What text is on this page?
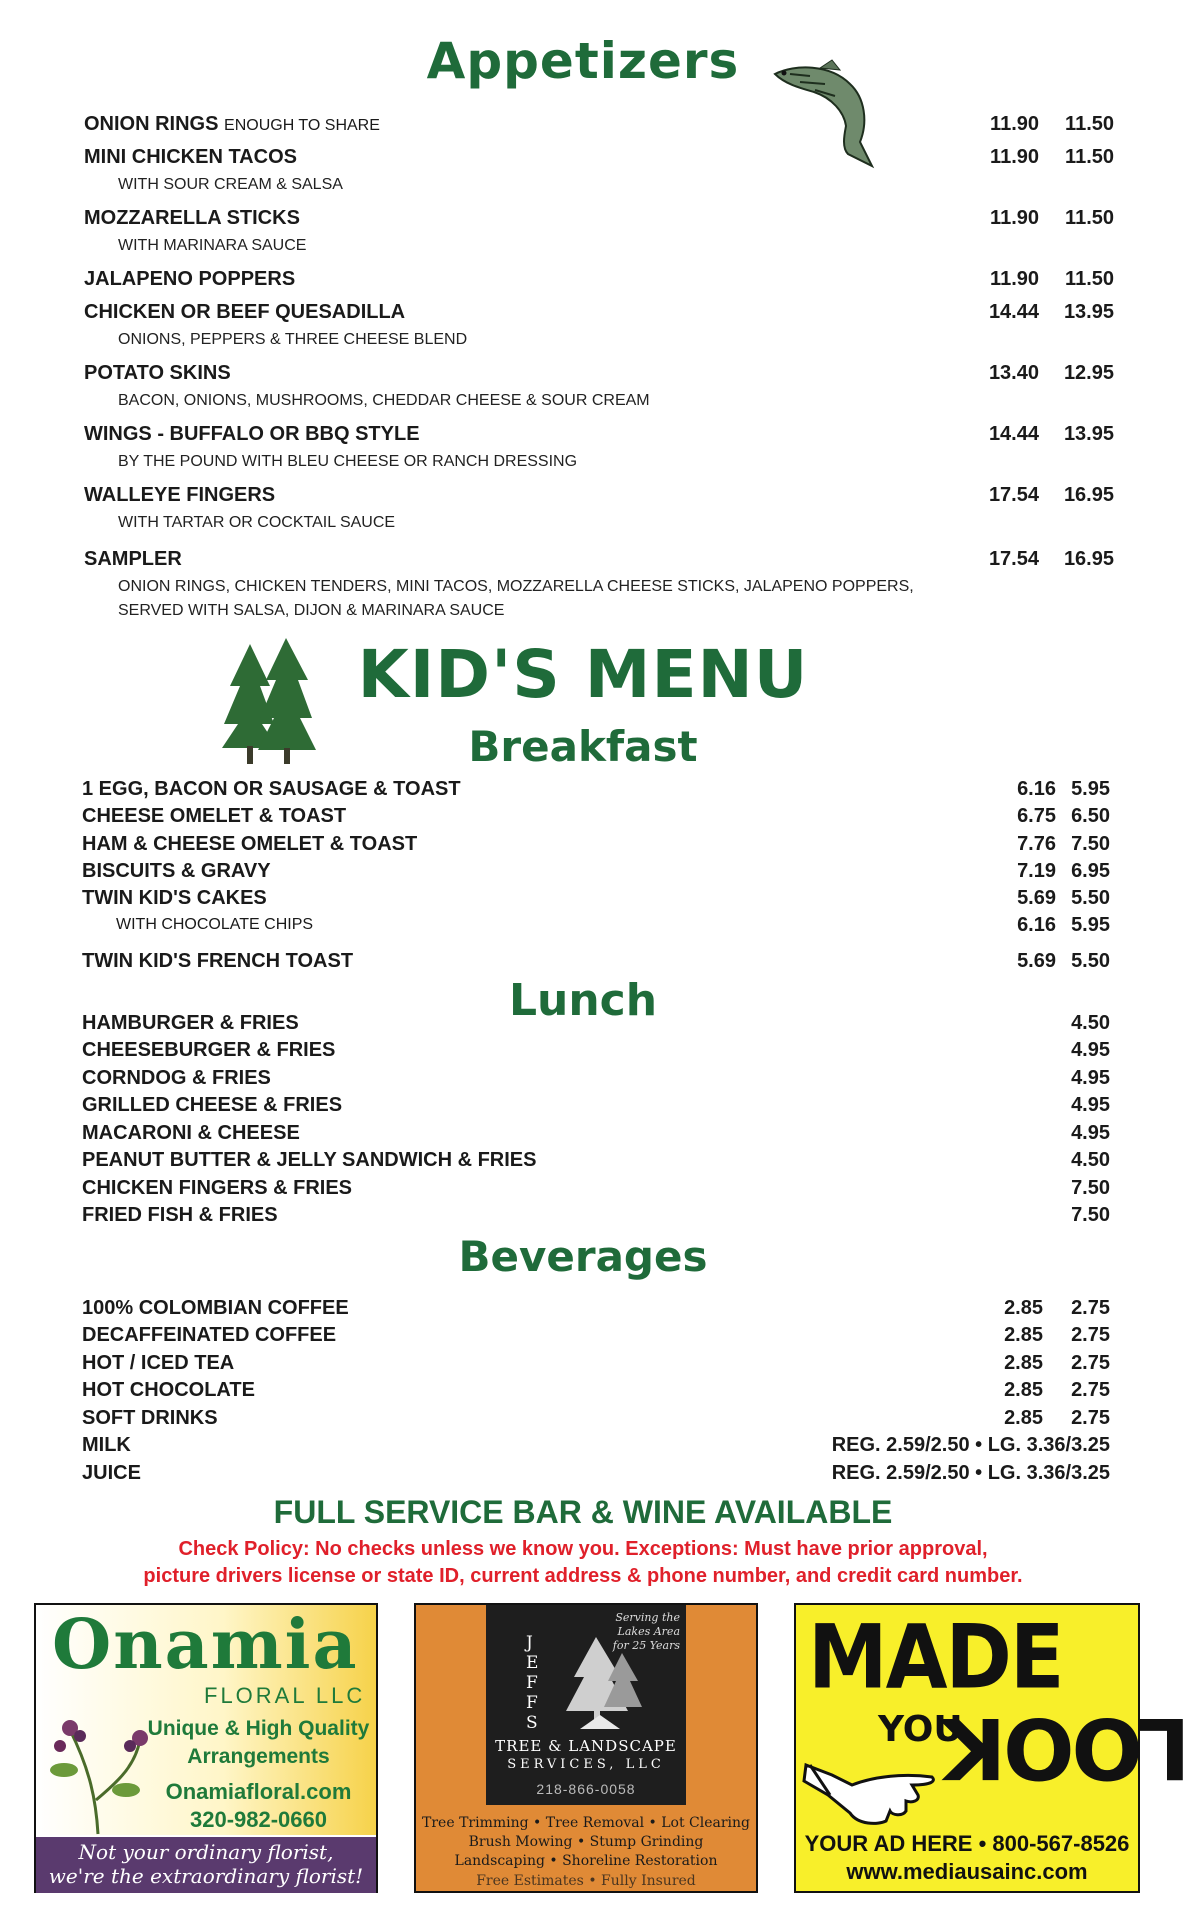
Appetizers
ONION RINGS ENOUGH TO SHARE	11.90	11.50
MINI CHICKEN TACOS	11.90	11.50
WITH SOUR CREAM & SALSA
MOZZARELLA STICKS	11.90	11.50
WITH MARINARA SAUCE
JALAPENO POPPERS	11.90	11.50
CHICKEN OR BEEF QUESADILLA	14.44	13.95
ONIONS, PEPPERS & THREE CHEESE BLEND
POTATO SKINS	13.40	12.95
BACON, ONIONS, MUSHROOMS, CHEDDAR CHEESE & SOUR CREAM
WINGS - BUFFALO OR BBQ STYLE	14.44	13.95
BY THE POUND WITH BLEU CHEESE OR RANCH DRESSING
WALLEYE FINGERS	17.54	16.95
WITH TARTAR OR COCKTAIL SAUCE
SAMPLER	17.54	16.95
ONION RINGS, CHICKEN TENDERS, MINI TACOS, MOZZARELLA CHEESE STICKS, JALAPENO POPPERS,
SERVED WITH SALSA, DIJON & MARINARA SAUCE
KID'S MENU
Breakfast
1 EGG, BACON OR SAUSAGE & TOAST	6.16 5.95
CHEESE OMELET & TOAST	6.75 6.50
HAM & CHEESE OMELET & TOAST	7.76 7.50
BISCUITS & GRAVY	7.19 6.95
TWIN KID'S CAKES	5.69 5.50
WITH CHOCOLATE CHIPS	6.16 5.95
TWIN KID'S FRENCH TOAST	5.69 5.50
Lunch
HAMBURGER & FRIES	4.50
CHEESEBURGER & FRIES	4.95
CORNDOG & FRIES	4.95
GRILLED CHEESE & FRIES	4.95
MACARONI & CHEESE	4.95
PEANUT BUTTER & JELLY SANDWICH & FRIES	4.50
CHICKEN FINGERS & FRIES	7.50
FRIED FISH & FRIES	7.50
Beverages
100% COLOMBIAN COFFEE	2.85	2.75
DECAFFEINATED COFFEE	2.85	2.75
HOT / ICED TEA	2.85	2.75
HOT CHOCOLATE	2.85	2.75
SOFT DRINKS	2.85	2.75
MILK	REG. 2.59/2.50 • LG. 3.36/3.25
JUICE	REG. 2.59/2.50 • LG. 3.36/3.25
FULL SERVICE BAR & WINE AVAILABLE
Check Policy: No checks unless we know you. Exceptions: Must have prior approval,
picture drivers license or state ID, current address & phone number, and credit card number.
Onamia
FLORAL LLC
Unique & High Quality
Arrangements
Onamiafloral.com
320-982-0660
Not your ordinary florist,
we're the extraordinary florist!
Serving the
Lakes Area
for 25 Years
JEFFS
TREE & LANDSCAPE
SERVICES, LLC
218-866-0058
Tree Trimming • Tree Removal • Lot Clearing
Brush Mowing • Stump Grinding
Landscaping • Shoreline Restoration
Free Estimates • Fully Insured
MADE
YOU
LOOK
YOUR AD HERE • 800-567-8526
www.mediausainc.com
